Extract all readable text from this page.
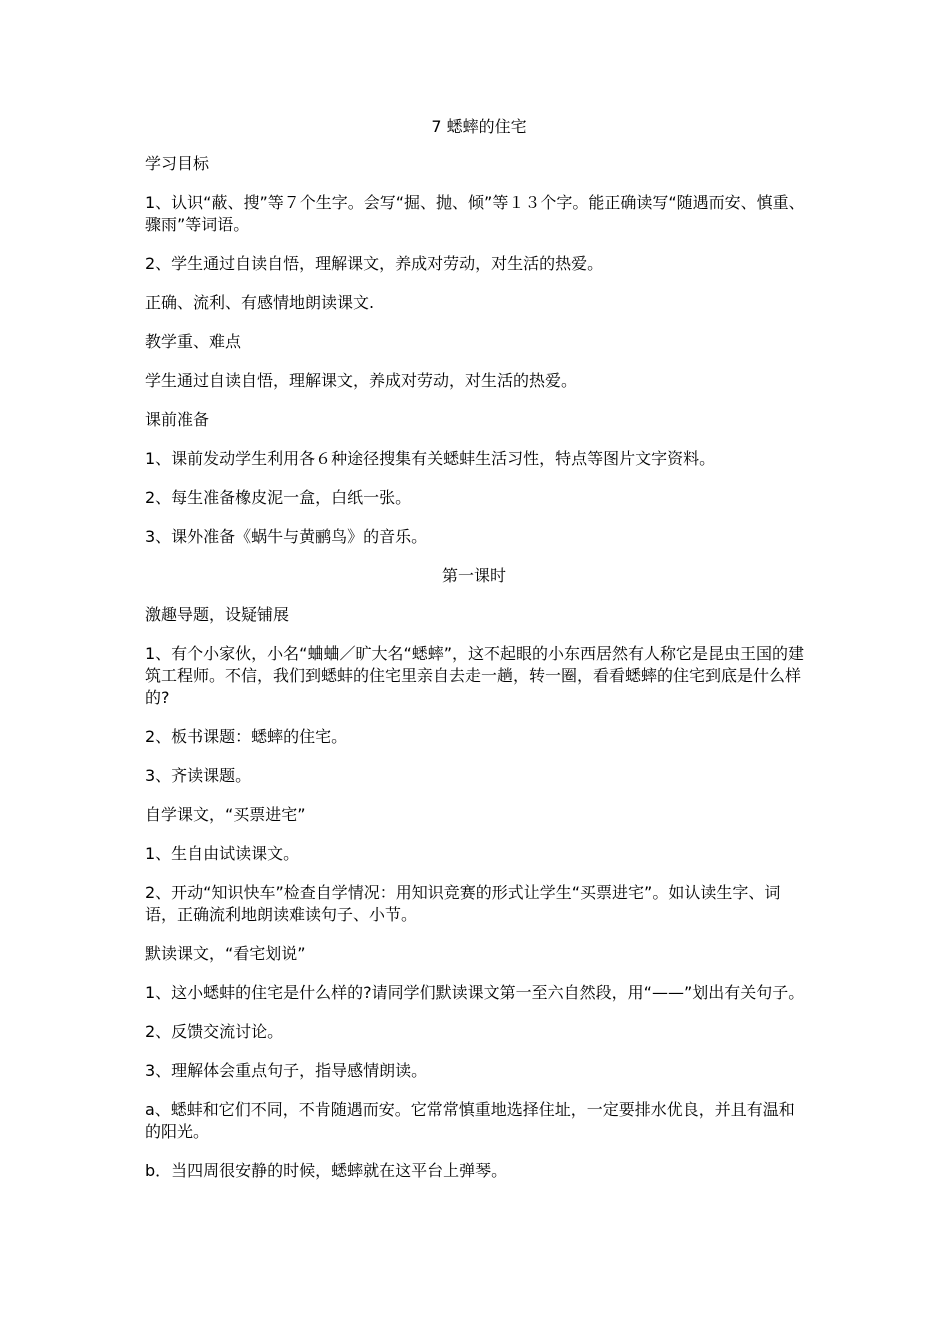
7 蟋蟀的住宅
学习目标
1、认识“蔽、搜”等７个生字。会写“掘、抛、倾”等１３个字。能正确读写“随遇而安、慎重、骤雨”等词语。
2、学生通过自读自悟，理解课文，养成对劳动，对生活的热爱。
正确、流利、有感情地朗读课文.
教学重、难点
学生通过自读自悟，理解课文，养成对劳动，对生活的热爱。
课前准备
1、课前发动学生利用各６种途径搜集有关蟋蚌生活习性，特点等图片文字资料。
2、每生准备橡皮泥一盒，白纸一张。
3、课外准备《蜗牛与黄鹂鸟》的音乐。
第一课时
激趣导题，设疑铺展
1、有个小家伙，小名“蛐蛐／旷大名“蟋蟀”，这不起眼的小东西居然有人称它是昆虫王国的建筑工程师。不信，我们到蟋蚌的住宅里亲自去走一趟，转一圈，看看蟋蟀的住宅到底是什么样的?
2、板书课题：蟋蟀的住宅。
3、齐读课题。
自学课文，“买票进宅”
1、生自由试读课文。
2、开动“知识快车”检查自学情况：用知识竞赛的形式让学生“买票进宅”。如认读生字、词语，正确流利地朗读难读句子、小节。
默读课文，“看宅划说”
1、这小蟋蚌的住宅是什么样的?请同学们默读课文第一至六自然段，用“——”划出有关句子。
2、反馈交流讨论。
3、理解体会重点句子，指导感情朗读。
a、蟋蚌和它们不同，不肯随遇而安。它常常慎重地选择住址，一定要排水优良，并且有温和的阳光。
b．当四周很安静的时候，蟋蟀就在这平台上弹琴。
